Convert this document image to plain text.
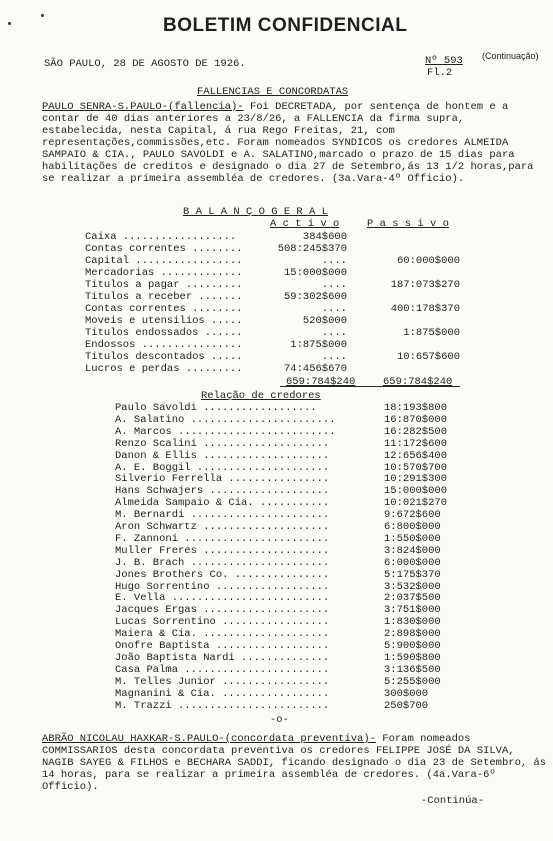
BOLETIM CONFIDENCIAL
SÃO PAULO, 28 DE AGOSTO DE 1926.	Nº 593 (Continuação)
Fl.2
FALLENCIAS E CONCORDATAS

PAULO SENRA-S.PAULO-(fallencia)- Foi DECRETADA, por sentença de hontem e a contar de 40 dias anteriores a 23/8/26, a FALLENCIA da firma supra, estabelecida, nesta Capital, á rua Rego Freitas, 21, com representações,commissões,etc. Foram nomeados SYNDICOS os credores ALMEIDA SAMPAIO & CIA., PAULO SAVOLDI e A. SALATINO,marcado o prazo de 15 dias para habilitações de creditos e designado o dia 27 de Setembro,ás 13 1/2 horas,para se realizar a primeira assembléa de credores. (3a.Vara-4º Officio).

B A L A N Ç O G E R A L
A c t i v o	P a s s i v o
Caixa ..................	384$600
Contas correntes ........	508:245$370
Capital .................	....	60:000$000
Mercadorias .............	15:000$000
Titulos a pagar .........	....	187:073$270
Titulos a receber .......	59:302$600
Contas correntes ........	....	400:178$370
Moveis e utensilios .....	520$000
Titulos endossados ......	....	1:875$000
Endossos ................	1:875$000
Titulos descontados .....	....	10:657$600
Lucros e perdas .........	74:456$670
659:784$240	659:784$240
Relação de credores
Paulo Savoldi ..................	18:193$800
A. Salatino .......................	16:870$000
A. Marcos .........................	16:282$500
Renzo Scalini ....................	11:172$600
Danon & Ellis ....................	12:656$400
A. E. Boggil .....................	10:570$700
Silverio Ferrella ................	10:291$300
Hans Schwajers ...................	15:000$000
Almeida Sampaio & Cia. ...........	10:021$270
M. Bernardi ......................	9:672$600
Aron Schwartz ....................	6:800$000
F. Zannoni .......................	1:550$000
Muller Freres ....................	3:824$000
J. B. Brach ......................	6:000$000
Jones Brothers Co. ...............	5:175$370
Hugo Sorrentino ..................	3:532$000
E. Vella .........................	2:037$500
Jacques Ergas ....................	3:751$000
Lucas Sorrentino .................	1:830$000
Maiera & Cia. ....................	2:898$000
Onofre Baptista ..................	5:900$000
João Baptista Nardi ..............	1:590$800
Casa Palma .......................	3:136$500
M. Telles Junior .................	5:255$000
Magnanini & Cia. .................	300$000
M. Trazzi ........................	250$700
-o-

ABRÃO NICOLAU HAXKAR-S.PAULO-(concordata preventiva)- Foram nomeados COMMISSARIOS desta concordata preventiva os credores FELIPPE JOSÉ DA SILVA, NAGIB SAYEG & FILHOS e BECHARA SADDI, ficando designado o dia 23 de Setembro, ás 14 horas, para se realizar a primeira assembléa de credores. (4a.Vara-6º Officio).

-Continúa-
